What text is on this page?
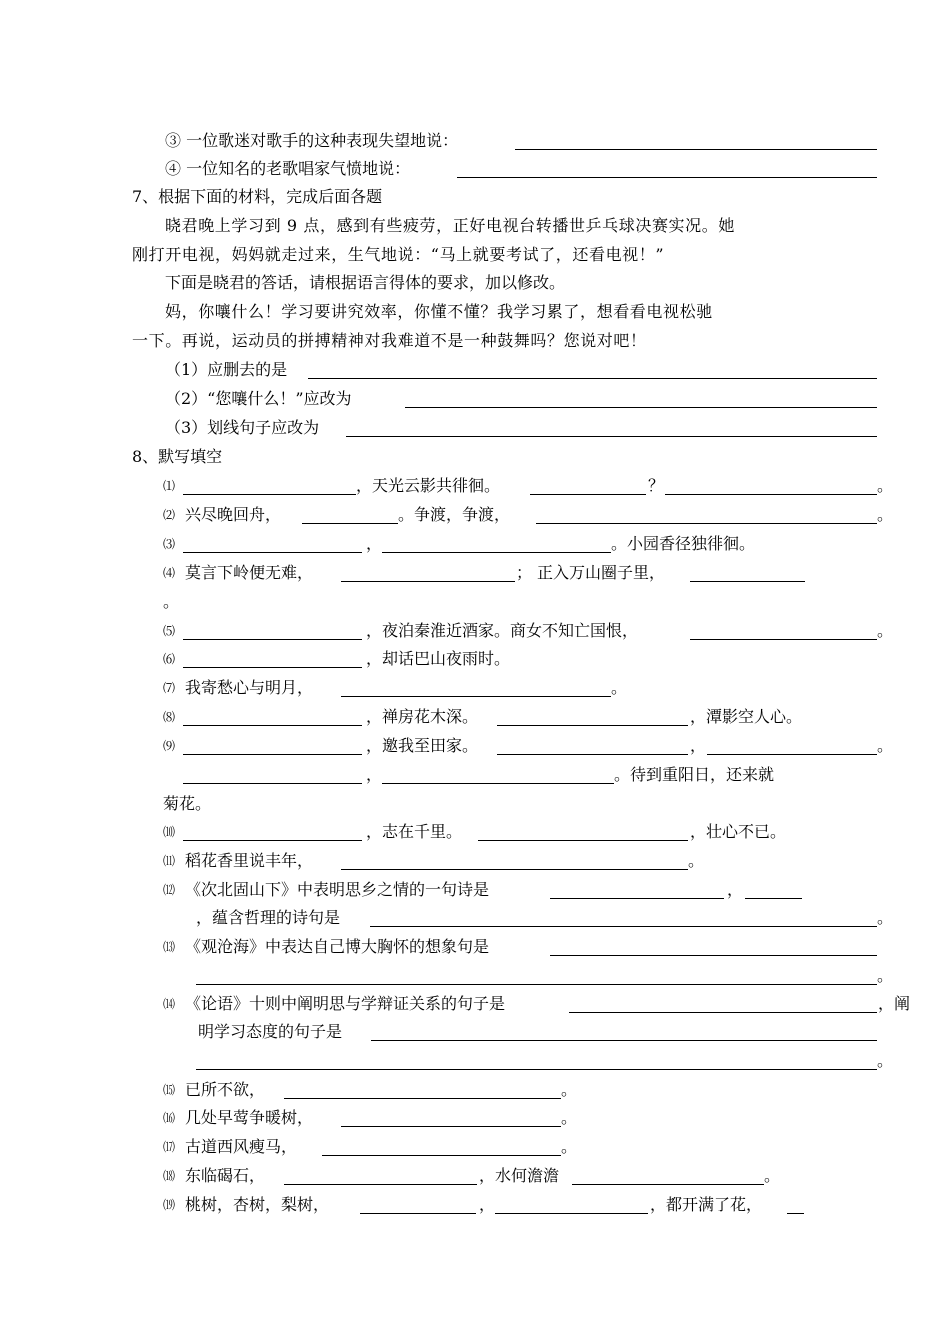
③ 一位歌迷对歌手的这种表现失望地说：
④ 一位知名的老歌唱家气愤地说：
7、根据下面的材料，完成后面各题
晓君晚上学习到 9 点，感到有些疲劳，正好电视台转播世乒乓球决赛实况。她
刚打开电视，妈妈就走过来，生气地说：“马上就要考试了，还看电视！”
下面是晓君的答话，请根据语言得体的要求，加以修改。
妈，你嚷什么！学习要讲究效率，你懂不懂？我学习累了，想看看电视松驰
一下。再说，运动员的拼搏精神对我难道不是一种鼓舞吗？您说对吧！
（1）应删去的是
（2）“您嚷什么！”应改为
（3）划线句子应改为
8、默写填空
⑴	，天光云影共徘徊。	？	。
⑵ 兴尽晚回舟，	。争渡，争渡，	。
⑶	，	。小园香径独徘徊。
⑷ 莫言下岭便无难，	； 正入万山圈子里，
。
⑸	，夜泊秦淮近酒家。商女不知亡国恨，	。
⑹	，却话巴山夜雨时。
⑺ 我寄愁心与明月，	。
⑻	，禅房花木深。	，潭影空人心。
⑼	，邀我至田家。	，	。
，	。待到重阳日，还来就
菊花。
⑽	，志在千里。	，壮心不已。
⑾ 稻花香里说丰年，	。
⑿ 《次北固山下》中表明思乡之情的一句诗是	，
，蕴含哲理的诗句是	。
⒀ 《观沧海》中表达自己博大胸怀的想象句是
。
⒁ 《论语》十则中阐明思与学辩证关系的句子是	，阐
明学习态度的句子是
。
⒂ 已所不欲，	。
⒃ 几处早莺争暖树，	。
⒄ 古道西风瘦马，	。
⒅ 东临碣石，	，水何澹澹	。
⒆ 桃树，杏树，梨树，	，	，都开满了花，
